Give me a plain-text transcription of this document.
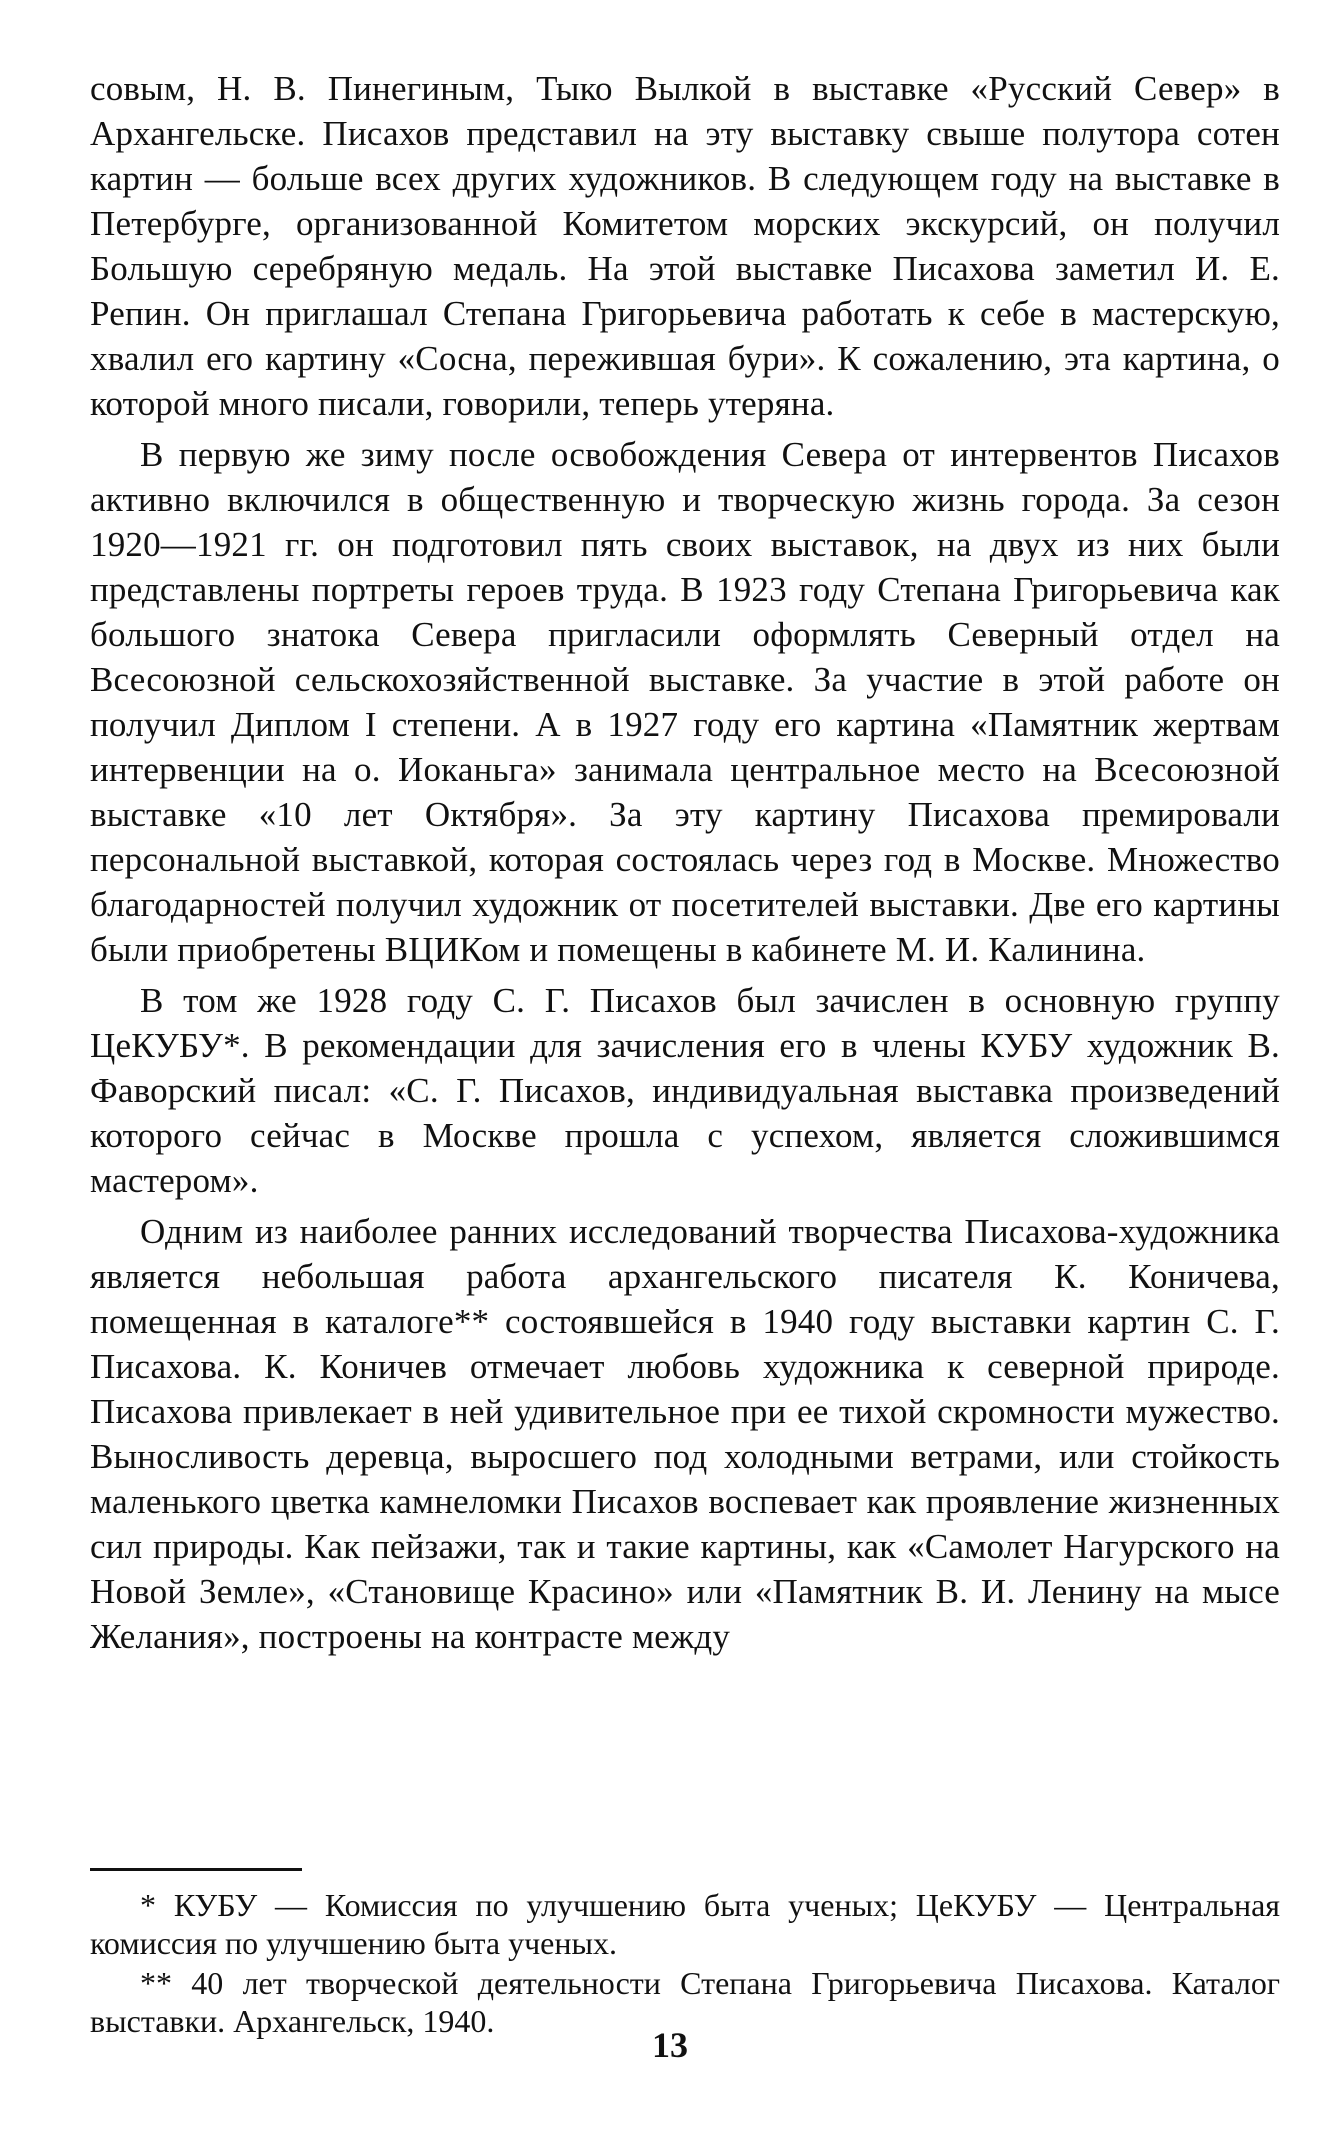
совым, Н. В. Пинегиным, Тыко Вылкой в выставке «Русский Север» в Архангельске. Писахов представил на эту выставку свыше полутора сотен картин — больше всех других художников. В следующем году на выставке в Петербурге, организованной Комитетом морских экскурсий, он получил Большую серебряную медаль. На этой выставке Писахова заметил И. Е. Репин. Он приглашал Степана Григорьевича работать к себе в мастерскую, хвалил его картину «Сосна, пережившая бури». К сожалению, эта картина, о которой много писали, говорили, теперь утеряна.

В первую же зиму после освобождения Севера от интервентов Писахов активно включился в общественную и творческую жизнь города. За сезон 1920—1921 гг. он подготовил пять своих выставок, на двух из них были представлены портреты героев труда. В 1923 году Степана Григорьевича как большого знатока Севера пригласили оформлять Северный отдел на Всесоюзной сельскохозяйственной выставке. За участие в этой работе он получил Диплом I степени. А в 1927 году его картина «Памятник жертвам интервенции на о. Иоканьга» занимала центральное место на Всесоюзной выставке «10 лет Октября». За эту картину Писахова премировали персональной выставкой, которая состоялась через год в Москве. Множество благодарностей получил художник от посетителей выставки. Две его картины были приобретены ВЦИКом и помещены в кабинете М. И. Калинина.

В том же 1928 году С. Г. Писахов был зачислен в основную группу ЦеКУБУ*. В рекомендации для зачисления его в члены КУБУ художник В. Фаворский писал: «С. Г. Писахов, индивидуальная выставка произведений которого сейчас в Москве прошла с успехом, является сложившимся мастером».

Одним из наиболее ранних исследований творчества Писахова-художника является небольшая работа архангельского писателя К. Коничева, помещенная в каталоге** состоявшейся в 1940 году выставки картин С. Г. Писахова. К. Коничев отмечает любовь художника к северной природе. Писахова привлекает в ней удивительное при ее тихой скромности мужество. Выносливость деревца, выросшего под холодными ветрами, или стойкость маленького цветка камнеломки Писахов воспевает как проявление жизненных сил природы. Как пейзажи, так и такие картины, как «Самолет Нагурского на Новой Земле», «Становище Красино» или «Памятник В. И. Ленину на мысе Желания», построены на контрасте между

* КУБУ — Комиссия по улучшению быта ученых; ЦеКУБУ — Центральная комиссия по улучшению быта ученых.

** 40 лет творческой деятельности Степана Григорьевича Писахова. Каталог выставки. Архангельск, 1940.

13
